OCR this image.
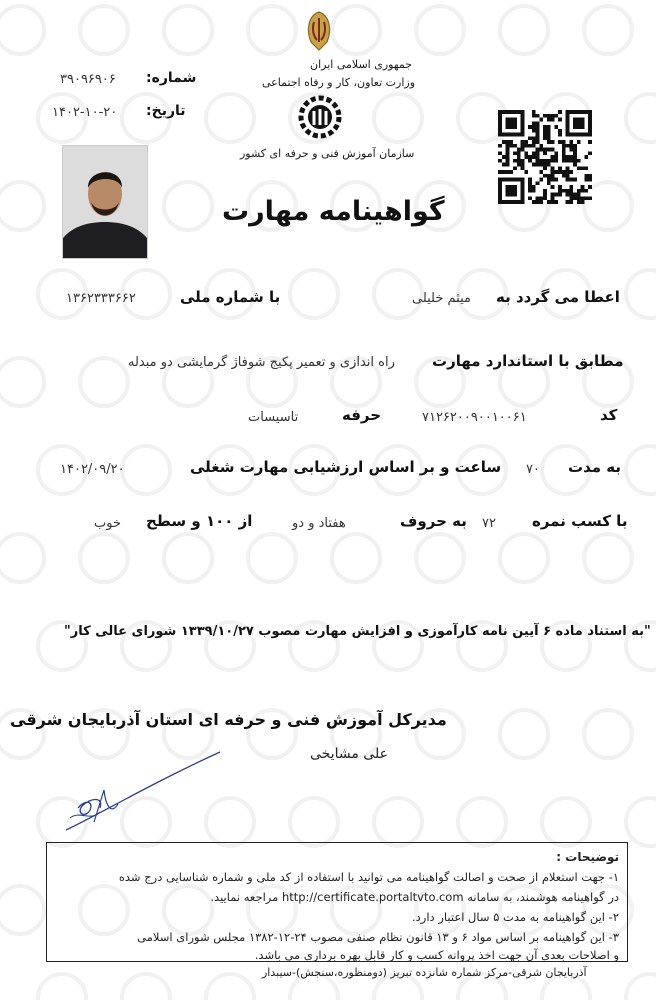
جمهوری اسلامی ایران
وزارت تعاون، کار و رفاه اجتماعی
سازمان آموزش فنی و حرفه ای کشور
شماره:
۳۹۰۹۶۹۰۶
تاریخ:
۱۴۰۲-۱۰-۲۰
گواهینامه مهارت
اعطا می گردد به
میثم خلیلی
با شماره ملی
۱۳۶۲۳۳۳۶۶۲
مطابق با استاندارد مهارت
راه اندازی و تعمیر پکیج شوفاژ گرمایشی دو مبدله
کد
۷۱۲۶۲۰۰۹۰۰۱۰۰۶۱
حرفه
تاسیسات
به مدت
۷۰
ساعت و بر اساس ارزشیابی مهارت شغلی
۱۴۰۲/۰۹/۲۰
با کسب نمره
۷۲
به حروف
هفتاد و دو
از ۱۰۰ و سطح
خوب
"به استناد ماده ۶ آیین نامه کارآموزی و افزایش مهارت مصوب ۱۳۳۹/۱۰/۲۷ شورای عالی کار"
مدیرکل آموزش فنی و حرفه ای استان آذربایجان شرقی
علی مشایخی
توضیحات :
۱- جهت استعلام از صحت و اصالت گواهینامه می توانید با استفاده از کد ملی و شماره شناسایی درج شده
در گواهینامه هوشمند، به سامانه http://certificate.portaltvto.com مراجعه نمایید.
۲- این گواهینامه به مدت ۵ سال اعتبار دارد.
۳- این گواهینامه بر اساس مواد ۶ و ۱۳ قانون نظام صنفی مصوب ۲۴-۱۲-۱۳۸۲ مجلس شورای اسلامی
و اصلاحات بعدی آن جهت اخذ پروانه کسب و کار قابل بهره برداری می باشد.
آذربایجان شرقی-مرکز شماره شانزده تبریز (دومنظوره،سنجش)-سیبدار
